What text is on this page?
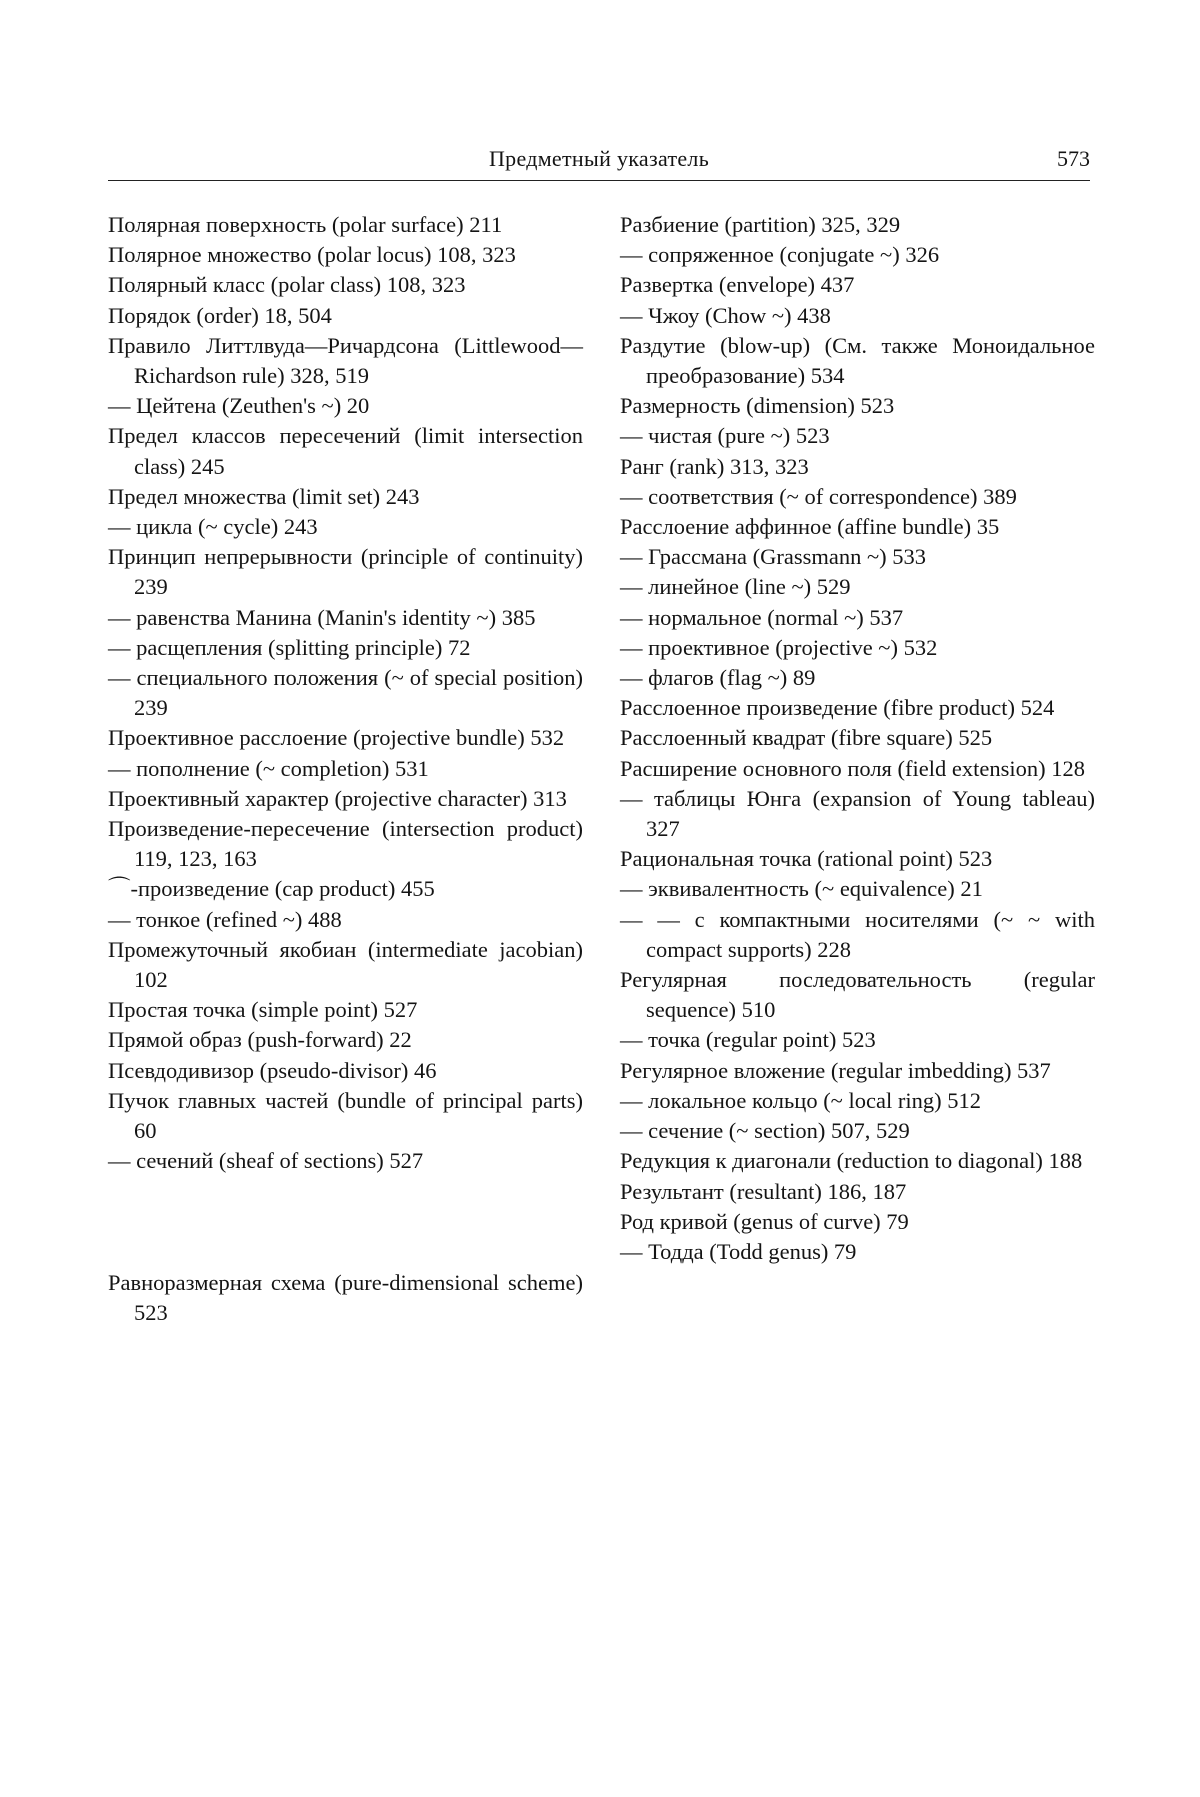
Предметный указатель	573

Полярная поверхность (polar surface) 211

Полярное множество (polar locus) 108, 323

Полярный класс (polar class) 108, 323

Порядок (order) 18, 504

Правило Литтлвуда—Ричардсона (Littlewood—Richardson rule) 328, 519

— Цейтена (Zeuthen's ~) 20

Предел классов пересечений (limit intersection class) 245

Предел множества (limit set) 243

— цикла (~ cycle) 243

Принцип непрерывности (principle of continuity) 239

— равенства Манина (Manin's identity ~) 385

— расщепления (splitting principle) 72

— специального положения (~ of special position) 239

Проективное расслоение (projective bundle) 532

— пополнение (~ completion) 531

Проективный характер (projective character) 313

Произведение-пересечение (intersection product) 119, 123, 163

⌒-произведение (cap product) 455

— тонкое (refined ~) 488

Промежуточный якобиан (intermediate jacobian) 102

Простая точка (simple point) 527

Прямой образ (push-forward) 22

Псевдодивизор (pseudo-divisor) 46

Пучок главных частей (bundle of principal parts) 60

— сечений (sheaf of sections) 527

Равноразмерная схема (pure-dimensional scheme) 523

Разбиение (partition) 325, 329

— сопряженное (conjugate ~) 326

Развертка (envelope) 437

— Чжоу (Chow ~) 438

Раздутие (blow-up) (См. также Моноидальное преобразование) 534

Размерность (dimension) 523

— чистая (pure ~) 523

Ранг (rank) 313, 323

— соответствия (~ of correspondence) 389

Расслоение аффинное (affine bundle) 35

— Грассмана (Grassmann ~) 533

— линейное (line ~) 529

— нормальное (normal ~) 537

— проективное (projective ~) 532

— флагов (flag ~) 89

Расслоенное произведение (fibre product) 524

Расслоенный квадрат (fibre square) 525

Расширение основного поля (field extension) 128

— таблицы Юнга (expansion of Young tableau) 327

Рациональная точка (rational point) 523

— эквивалентность (~ equivalence) 21

— — с компактными носителями (~ ~ with compact supports) 228

Регулярная последовательность (regular sequence) 510

— точка (regular point) 523

Регулярное вложение (regular imbedding) 537

— локальное кольцо (~ local ring) 512

— сечение (~ section) 507, 529

Редукция к диагонали (reduction to diagonal) 188

Результант (resultant) 186, 187

Род кривой (genus of curve) 79

— Тодда (Todd genus) 79
